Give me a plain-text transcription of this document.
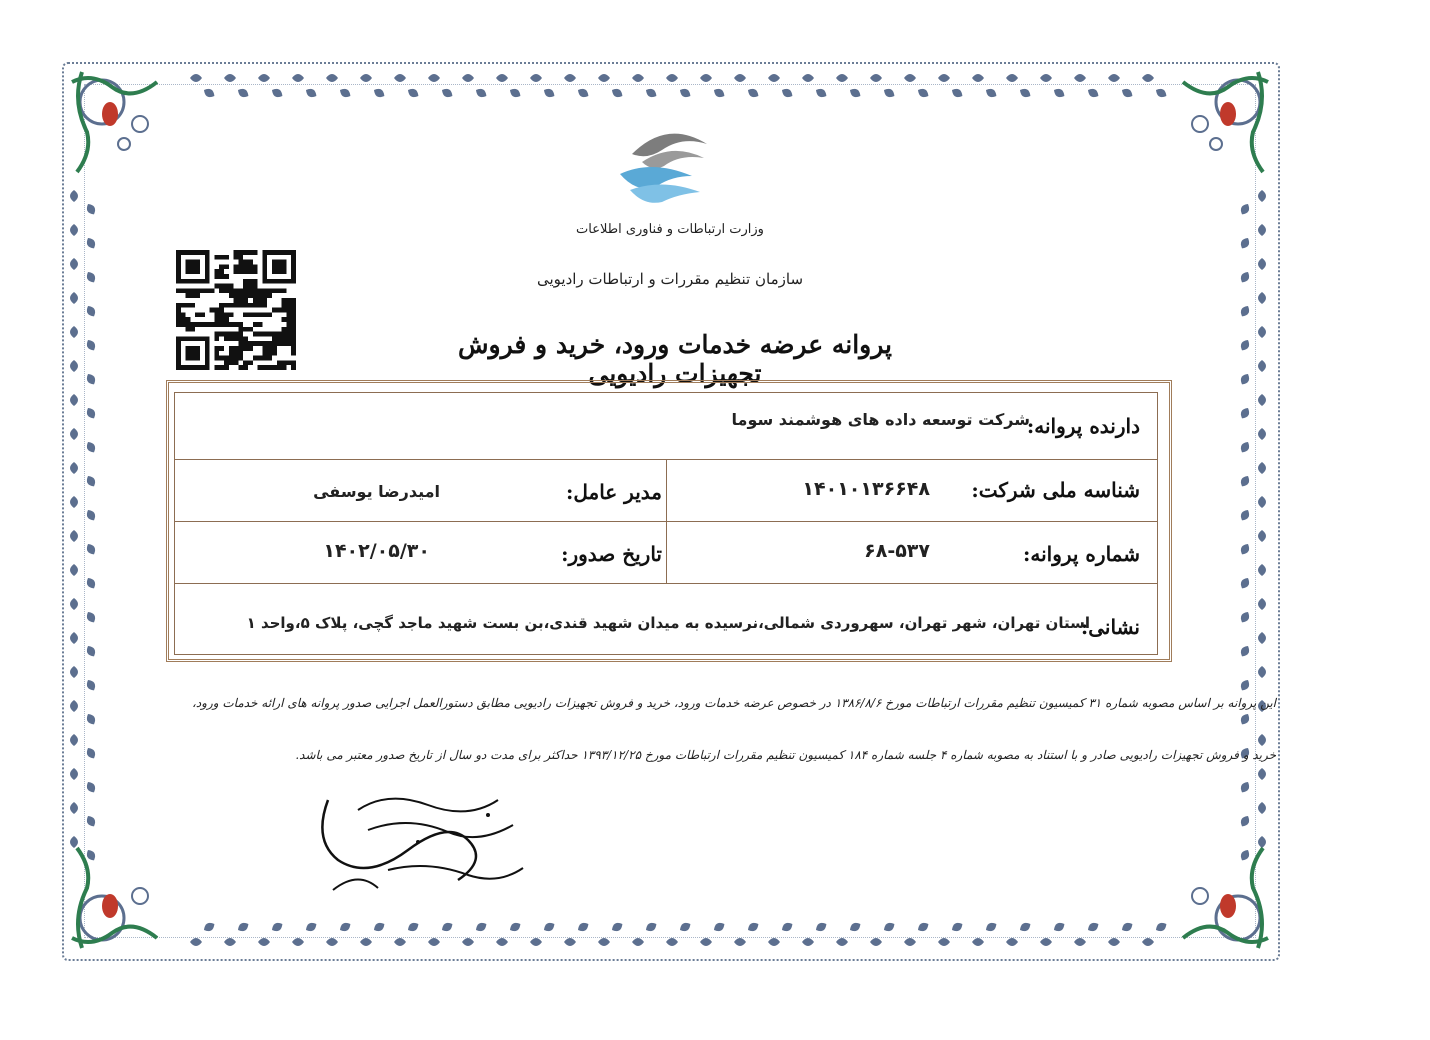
وزارت ارتباطات و فناوری اطلاعات
سازمان تنظیم مقررات و ارتباطات رادیویی
پروانه عرضه خدمات ورود، خرید و فروش تجهیزات رادیویی
دارنده پروانه:
شرکت توسعه داده های هوشمند سوما
شناسه ملی شرکت:
۱۴۰۱۰۱۳۶۶۴۸
مدیر عامل:
امیدرضا یوسفی
شماره پروانه:
۶۸-۵۳۷
تاریخ صدور:
۱۴۰۲/۰۵/۳۰
نشانی:
استان تهران، شهر تهران، سهروردی شمالی،نرسیده به میدان شهید قندی،بن بست شهید ماجد گچی، پلاک ۵،واحد ۱
این پروانه بر اساس مصوبه شماره ۳۱ کمیسیون تنظیم مقررات ارتباطات مورخ ۱۳۸۶/۸/۶ در خصوص عرضه خدمات ورود، خرید و فروش تجهیزات رادیویی مطابق دستورالعمل اجرایی صدور پروانه های ارائه خدمات ورود،
خرید و فروش تجهیزات رادیویی صادر و با استناد به مصوبه شماره ۴ جلسه شماره ۱۸۴ کمیسیون تنظیم مقررات ارتباطات مورخ ۱۳۹۳/۱۲/۲۵ حداکثر برای مدت دو سال از تاریخ صدور معتبر می باشد.
